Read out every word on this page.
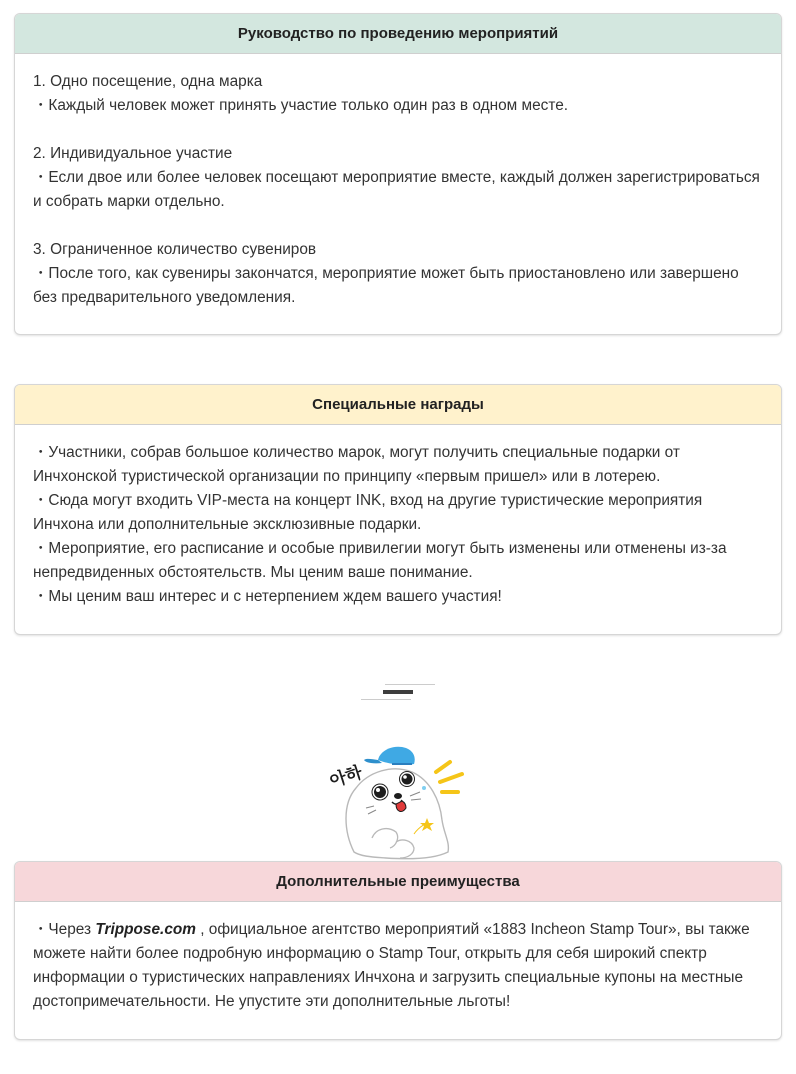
Руководство по проведению мероприятий
1. Одно посещение, одна марка
・Каждый человек может принять участие только один раз в одном месте.
2. Индивидуальное участие
・Если двое или более человек посещают мероприятие вместе, каждый должен зарегистрироваться и собрать марки отдельно.
3. Ограниченное количество сувениров
・После того, как сувениры закончатся, мероприятие может быть приостановлено или завершено без предварительного уведомления.
Специальные награды
・Участники, собрав большое количество марок, могут получить специальные подарки от Инчхонской туристической организации по принципу «первым пришел» или в лотерею.
・Сюда могут входить VIP-места на концерт INK, вход на другие туристические мероприятия Инчхона или дополнительные эксклюзивные подарки.
・Мероприятие, его расписание и особые привилегии могут быть изменены или отменены из-за непредвиденных обстоятельств. Мы ценим ваше понимание.
・Мы ценим ваш интерес и с нетерпением ждем вашего участия!
아하
Дополнительные преимущества
・Через Trippose.com , официальное агентство мероприятий «1883 Incheon Stamp Tour», вы также можете найти более подробную информацию о Stamp Tour, открыть для себя широкий спектр информации о туристических направлениях Инчхона и загрузить специальные купоны на местные достопримечательности. Не упустите эти дополнительные льготы!
